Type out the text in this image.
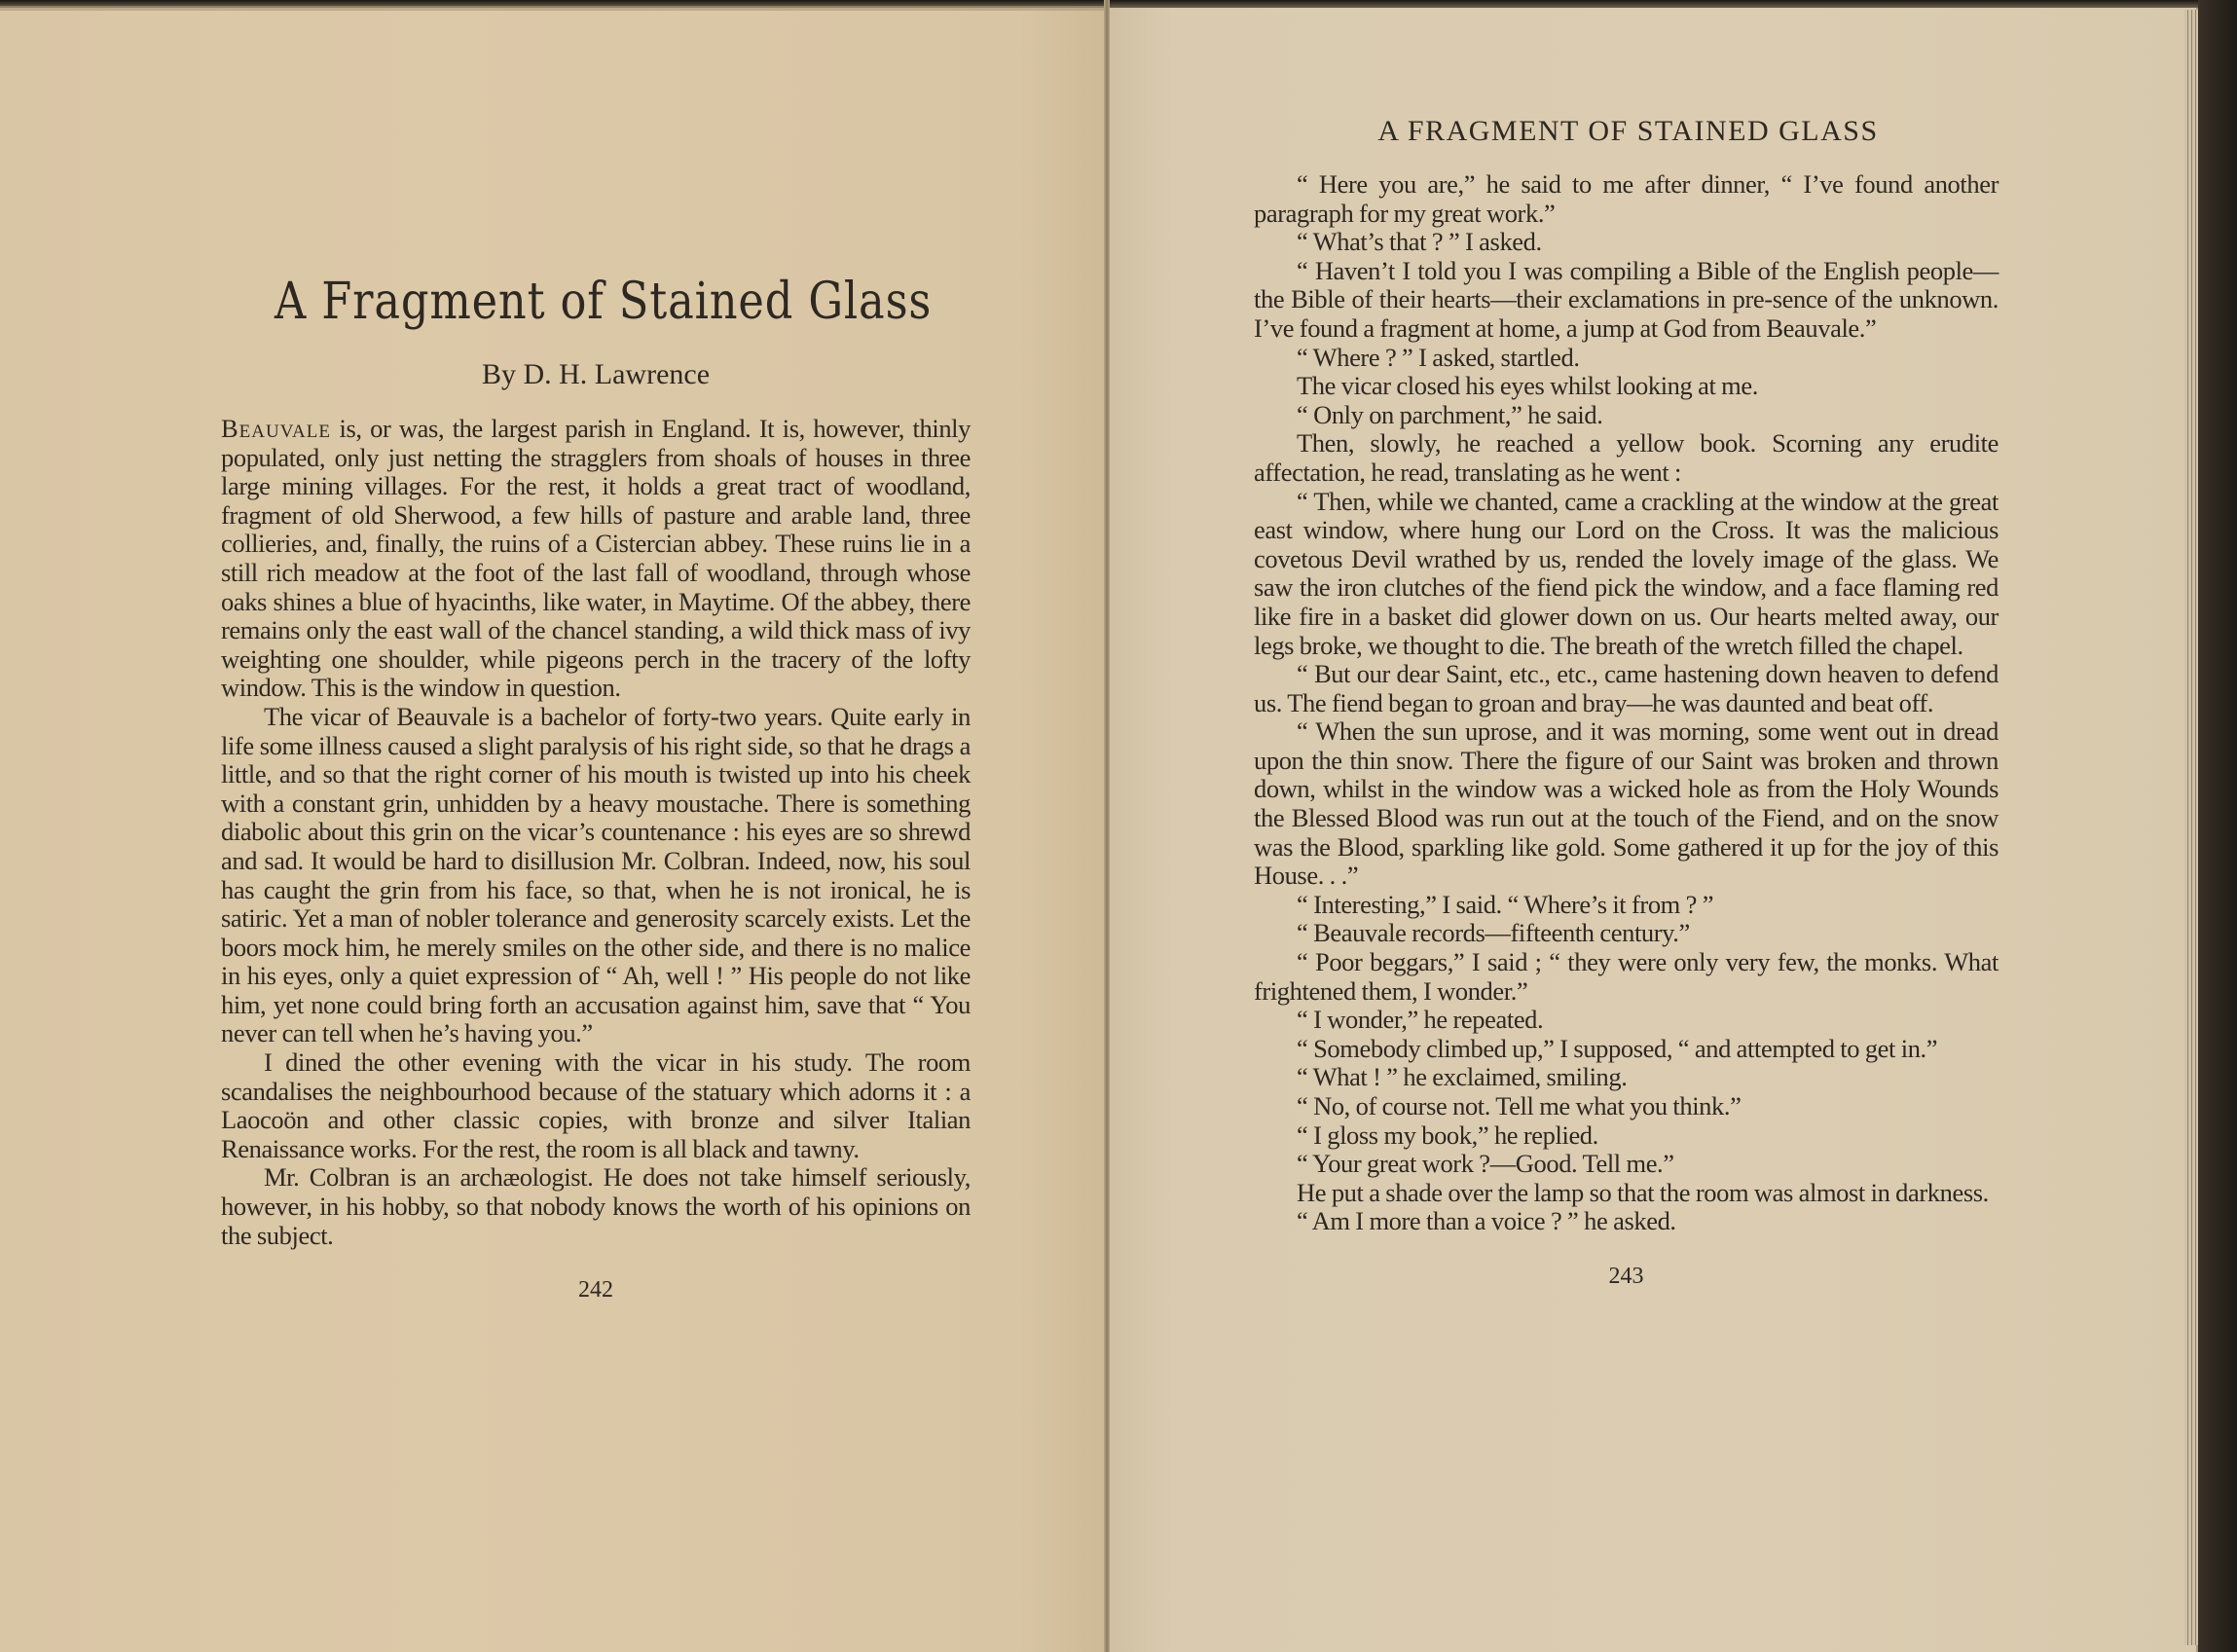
A Fragment of Stained Glass
By D. H. Lawrence

Beauvale is, or was, the largest parish in England. It is, however, thinly populated, only just netting the stragglers from shoals of houses in three large mining villages. For the rest, it holds a great tract of woodland, fragment of old Sherwood, a few hills of pasture and arable land, three collieries, and, finally, the ruins of a Cistercian abbey. These ruins lie in a still rich meadow at the foot of the last fall of woodland, through whose oaks shines a blue of hyacinths, like water, in Maytime. Of the abbey, there remains only the east wall of the chancel standing, a wild thick mass of ivy weighting one shoulder, while pigeons perch in the tracery of the lofty window. This is the window in question.

The vicar of Beauvale is a bachelor of forty-two years. Quite early in life some illness caused a slight paralysis of his right side, so that he drags a little, and so that the right corner of his mouth is twisted up into his cheek with a constant grin, unhidden by a heavy moustache. There is something diabolic about this grin on the vicar’s countenance : his eyes are so shrewd and sad. It would be hard to disillusion Mr. Colbran. Indeed, now, his soul has caught the grin from his face, so that, when he is not ironical, he is satiric. Yet a man of nobler tolerance and generosity scarcely exists. Let the boors mock him, he merely smiles on the other side, and there is no malice in his eyes, only a quiet expression of “ Ah, well ! ” His people do not like him, yet none could bring forth an accusation against him, save that “ You never can tell when he’s having you.”

I dined the other evening with the vicar in his study. The room scandalises the neighbourhood because of the statuary which adorns it : a Laocoön and other classic copies, with bronze and silver Italian Renaissance works. For the rest, the room is all black and tawny.

Mr. Colbran is an archæologist. He does not take himself seriously, however, in his hobby, so that nobody knows the worth of his opinions on the subject.

242
A FRAGMENT OF STAINED GLASS

“ Here you are,” he said to me after dinner, “ I’ve found another paragraph for my great work.”

“ What’s that ? ” I asked.

“ Haven’t I told you I was compiling a Bible of the English people—the Bible of their hearts—their exclamations in pre-sence of the unknown. I’ve found a fragment at home, a jump at God from Beauvale.”

“ Where ? ” I asked, startled.

The vicar closed his eyes whilst looking at me.

“ Only on parchment,” he said.

Then, slowly, he reached a yellow book. Scorning any erudite affectation, he read, translating as he went :

“ Then, while we chanted, came a crackling at the window at the great east window, where hung our Lord on the Cross. It was the malicious covetous Devil wrathed by us, rended the lovely image of the glass. We saw the iron clutches of the fiend pick the window, and a face flaming red like fire in a basket did glower down on us. Our hearts melted away, our legs broke, we thought to die. The breath of the wretch filled the chapel.

“ But our dear Saint, etc., etc., came hastening down heaven to defend us. The fiend began to groan and bray—he was daunted and beat off.

“ When the sun uprose, and it was morning, some went out in dread upon the thin snow. There the figure of our Saint was broken and thrown down, whilst in the window was a wicked hole as from the Holy Wounds the Blessed Blood was run out at the touch of the Fiend, and on the snow was the Blood, sparkling like gold. Some gathered it up for the joy of this House. . .”

“ Interesting,” I said. “ Where’s it from ? ”

“ Beauvale records—fifteenth century.”

“ Poor beggars,” I said ; “ they were only very few, the monks. What frightened them, I wonder.”

“ I wonder,” he repeated.

“ Somebody climbed up,” I supposed, “ and attempted to get in.”

“ What ! ” he exclaimed, smiling.

“ No, of course not. Tell me what you think.”

“ I gloss my book,” he replied.

“ Your great work ?—Good. Tell me.”

He put a shade over the lamp so that the room was almost in darkness.

“ Am I more than a voice ? ” he asked.

243
